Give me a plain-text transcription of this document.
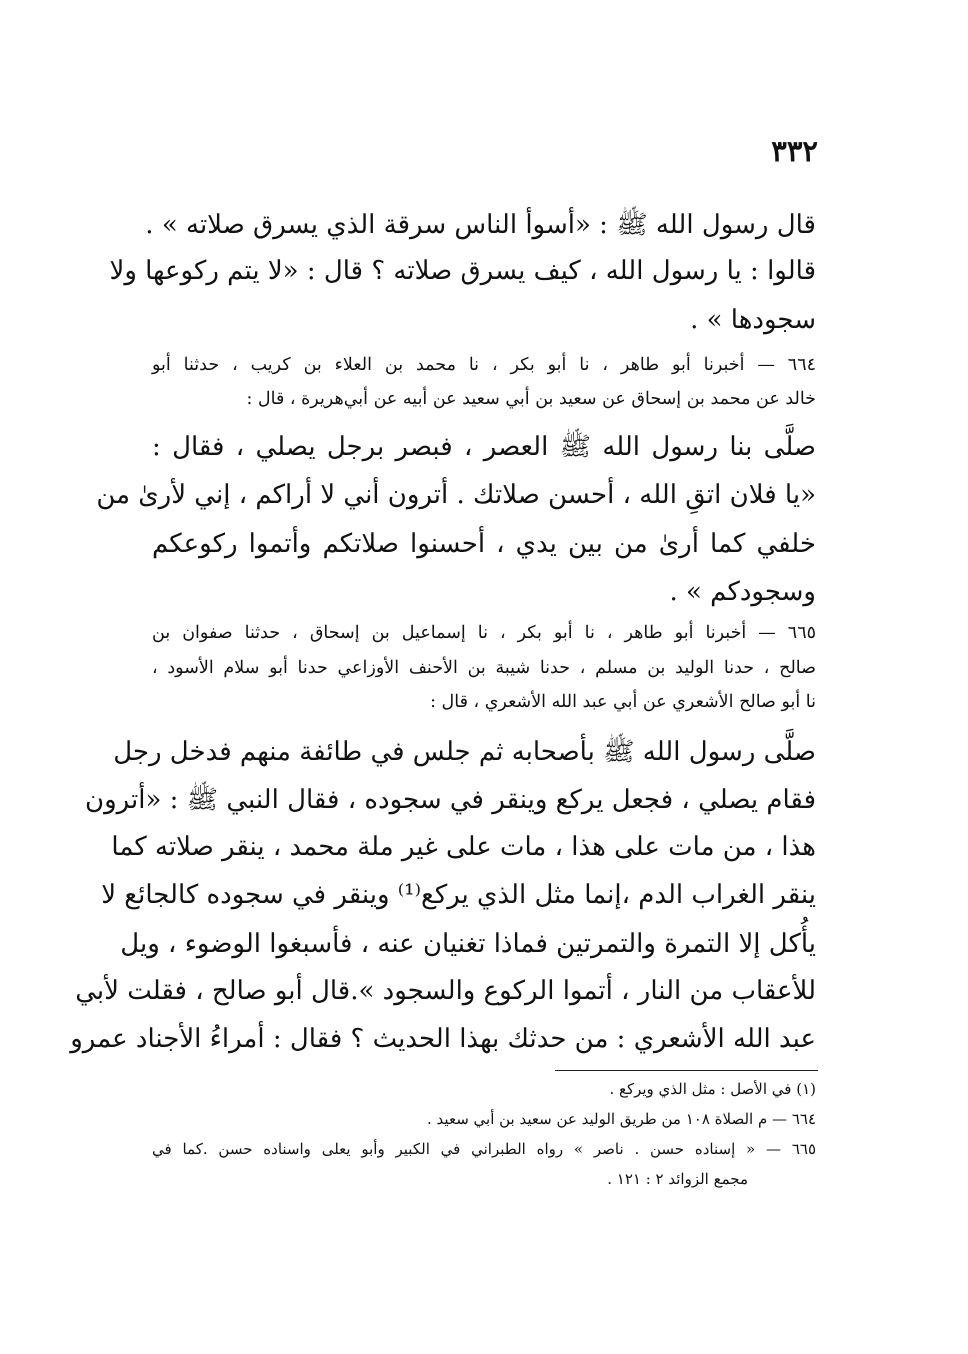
٣٣٢
قال رسول الله ﷺ : «أسوأ الناس سرقة الذي يسرق صلاته » .
قالوا : يا رسول الله ، كيف يسرق صلاته ؟ قال : «لا يتم ركوعها ولا
سجودها » .
٦٦٤ — أخبرنا أبو طاهر ، نا أبو بكر ، نا محمد بن العلاء بن كريب ، حدثنا أبو
خالد عن محمد بن إسحاق عن سعيد بن أبي سعيد عن أبيه عن أبي‌هريرة ، قال :
صلَّى بنا رسول الله ﷺ العصر ، فبصر برجل يصلي ، فقال :
«يا فلان اتقِ الله ، أحسن صلاتك . أترون أني لا أراكم ، إني لأرىٰ من
خلفي كما أرىٰ من بين يدي ، أحسنوا صلاتكم وأتموا ركوعكم
وسجودكم » .
٦٦٥ — أخبرنا أبو طاهر ، نا أبو بكر ، نا إسماعيل بن إسحاق ، حدثنا صفوان بن
صالح ، حدنا الوليد بن مسلم ، حدنا شيبة بن الأحنف الأوزاعي حدنا أبو سلام الأسود ،
نا أبو صالح الأشعري عن أبي عبد الله الأشعري ، قال :
صلَّى رسول الله ﷺ بأصحابه ثم جلس في طائفة منهم فدخل رجل
فقام يصلي ، فجعل يركع وينقر في سجوده ، فقال النبي ﷺ : «أترون
هذا ، من مات على هذا ، مات على غير ملة محمد ، ينقر صلاته كما
ينقر الغراب الدم ،إنما مثل الذي يركع⁽¹⁾ وينقر في سجوده كالجائع لا
يأُكل إلا التمرة والتمرتين فماذا تغنيان عنه ، فأسبغوا الوضوء ، ويل
للأعقاب من النار ، أتموا الركوع والسجود ».قال أبو صالح ، فقلت لأبي
عبد الله الأشعري : من حدثك بهذا الحديث ؟ فقال : أمراءُ الأجناد عمرو
(١) في الأصل : مثل الذي ويركع .
٦٦٤ — م الصلاة ١٠٨ من طريق الوليد عن سعيد بن أبي سعيد .
٦٦٥ — « إسناده حسن . ناصر » رواه الطبراني في الكبير وأبو يعلى واسناده حسن .كما في
مجمع الزوائد ٢ : ١٢١ .
